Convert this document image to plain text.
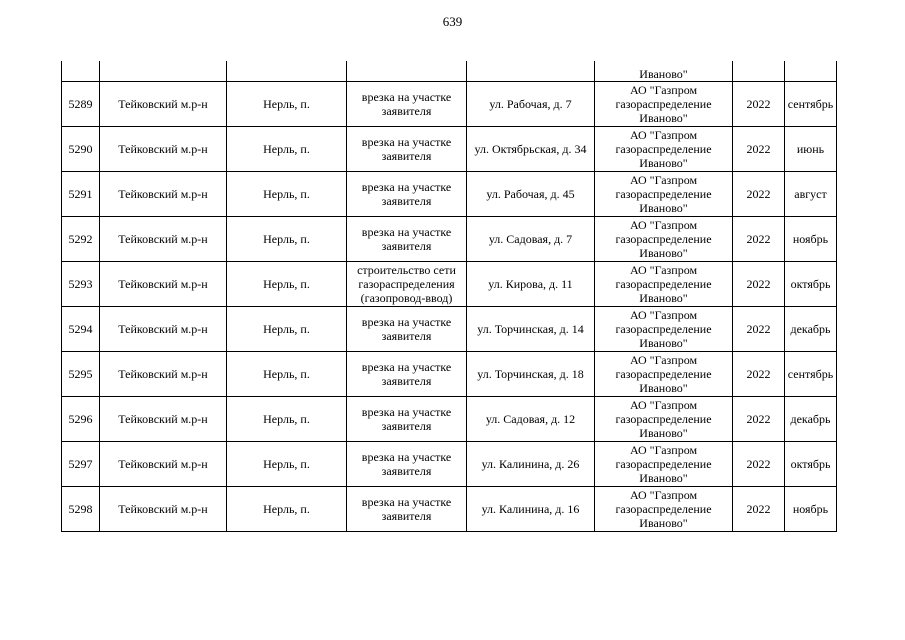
639
					Иваново"		
5289	Тейковский м.р-н	Нерль, п.	врезка на участке заявителя	ул. Рабочая, д. 7	АО "Газпром газораспределение Иваново"	2022	сентябрь
5290	Тейковский м.р-н	Нерль, п.	врезка на участке заявителя	ул. Октябрьская, д. 34	АО "Газпром газораспределение Иваново"	2022	июнь
5291	Тейковский м.р-н	Нерль, п.	врезка на участке заявителя	ул. Рабочая, д. 45	АО "Газпром газораспределение Иваново"	2022	август
5292	Тейковский м.р-н	Нерль, п.	врезка на участке заявителя	ул. Садовая, д. 7	АО "Газпром газораспределение Иваново"	2022	ноябрь
5293	Тейковский м.р-н	Нерль, п.	строительство сети газораспределения (газопровод-ввод)	ул. Кирова, д. 11	АО "Газпром газораспределение Иваново"	2022	октябрь
5294	Тейковский м.р-н	Нерль, п.	врезка на участке заявителя	ул. Торчинская, д. 14	АО "Газпром газораспределение Иваново"	2022	декабрь
5295	Тейковский м.р-н	Нерль, п.	врезка на участке заявителя	ул. Торчинская, д. 18	АО "Газпром газораспределение Иваново"	2022	сентябрь
5296	Тейковский м.р-н	Нерль, п.	врезка на участке заявителя	ул. Садовая, д. 12	АО "Газпром газораспределение Иваново"	2022	декабрь
5297	Тейковский м.р-н	Нерль, п.	врезка на участке заявителя	ул. Калинина, д. 26	АО "Газпром газораспределение Иваново"	2022	октябрь
5298	Тейковский м.р-н	Нерль, п.	врезка на участке заявителя	ул. Калинина, д. 16	АО "Газпром газораспределение Иваново"	2022	ноябрь
